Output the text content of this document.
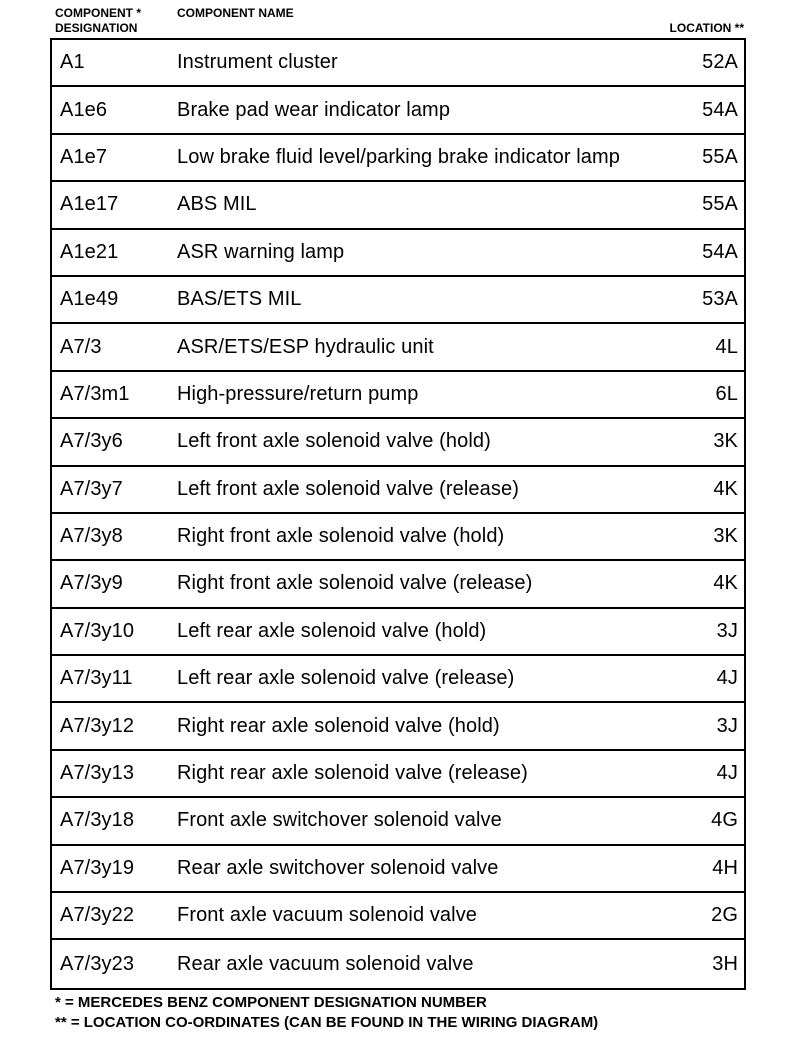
COMPONENT * DESIGNATION
COMPONENT NAME
LOCATION **
A1	Instrument cluster	52A
A1e6	Brake pad wear indicator lamp	54A
A1e7	Low brake fluid level/parking brake indicator lamp	55A
A1e17	ABS MIL	55A
A1e21	ASR warning lamp	54A
A1e49	BAS/ETS MIL	53A
A7/3	ASR/ETS/ESP hydraulic unit	4L
A7/3m1 High-pressure/return pump	6L
A7/3y6	Left front axle solenoid valve (hold)	3K
A7/3y7	Left front axle solenoid valve (release)	4K
A7/3y8	Right front axle solenoid valve (hold)	3K
A7/3y9	Right front axle solenoid valve (release)	4K
A7/3y10 Left rear axle solenoid valve (hold)	3J
A7/3y11 Left rear axle solenoid valve (release)	4J
A7/3y12 Right rear axle solenoid valve (hold)	3J
A7/3y13 Right rear axle solenoid valve (release)	4J
A7/3y18 Front axle switchover solenoid valve	4G
A7/3y19 Rear axle switchover solenoid valve	4H
A7/3y22 Front axle vacuum solenoid valve	2G
A7/3y23 Rear axle vacuum solenoid valve	3H
* = MERCEDES BENZ COMPONENT DESIGNATION NUMBER
** = LOCATION CO-ORDINATES (CAN BE FOUND IN THE WIRING DIAGRAM)
